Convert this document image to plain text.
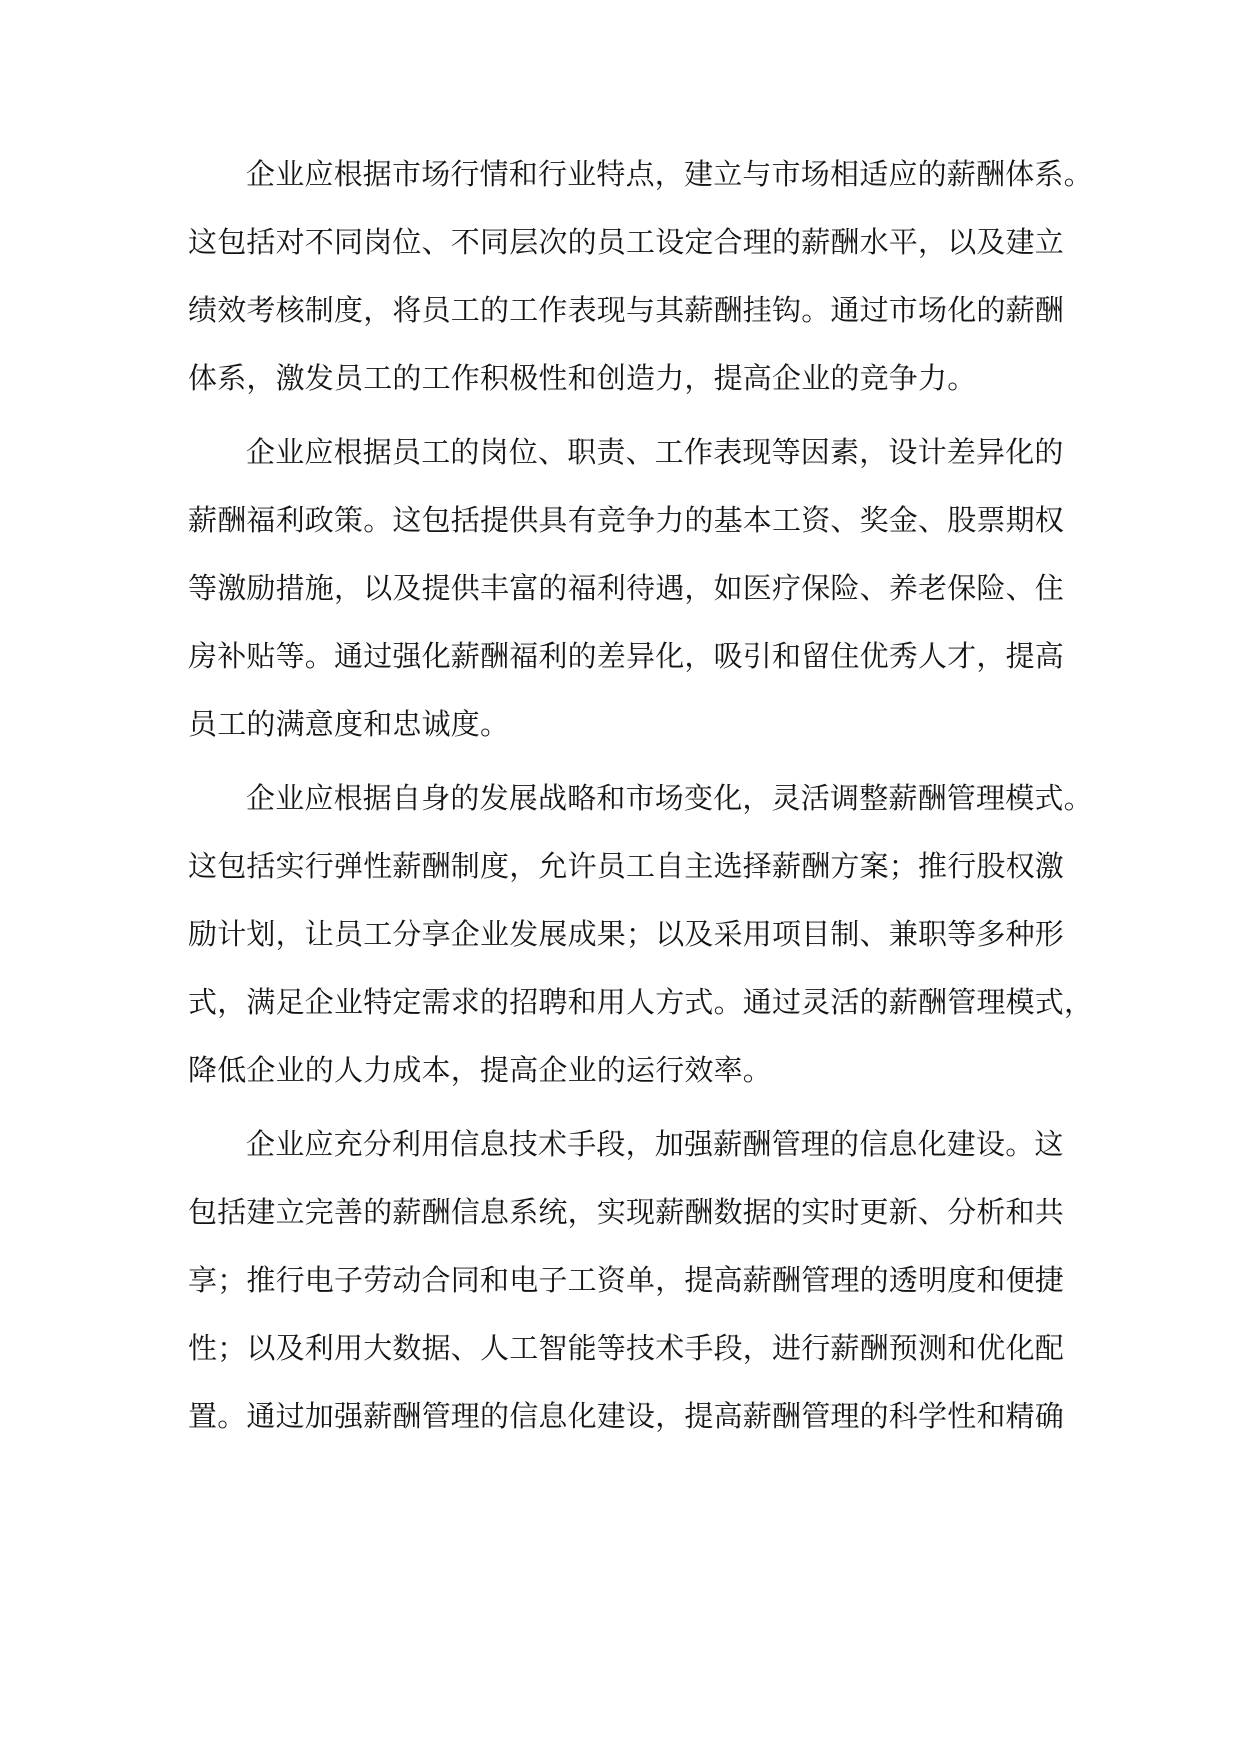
企业应根据市场行情和行业特点，建立与市场相适应的薪酬体系。
这包括对不同岗位、不同层次的员工设定合理的薪酬水平，以及建立
绩效考核制度，将员工的工作表现与其薪酬挂钩。通过市场化的薪酬
体系，激发员工的工作积极性和创造力，提高企业的竞争力。
企业应根据员工的岗位、职责、工作表现等因素，设计差异化的
薪酬福利政策。这包括提供具有竞争力的基本工资、奖金、股票期权
等激励措施，以及提供丰富的福利待遇，如医疗保险、养老保险、住
房补贴等。通过强化薪酬福利的差异化，吸引和留住优秀人才，提高
员工的满意度和忠诚度。
企业应根据自身的发展战略和市场变化，灵活调整薪酬管理模式。
这包括实行弹性薪酬制度，允许员工自主选择薪酬方案；推行股权激
励计划，让员工分享企业发展成果；以及采用项目制、兼职等多种形
式，满足企业特定需求的招聘和用人方式。通过灵活的薪酬管理模式，
降低企业的人力成本，提高企业的运行效率。
企业应充分利用信息技术手段，加强薪酬管理的信息化建设。这
包括建立完善的薪酬信息系统，实现薪酬数据的实时更新、分析和共
享；推行电子劳动合同和电子工资单，提高薪酬管理的透明度和便捷
性；以及利用大数据、人工智能等技术手段，进行薪酬预测和优化配
置。通过加强薪酬管理的信息化建设，提高薪酬管理的科学性和精确
